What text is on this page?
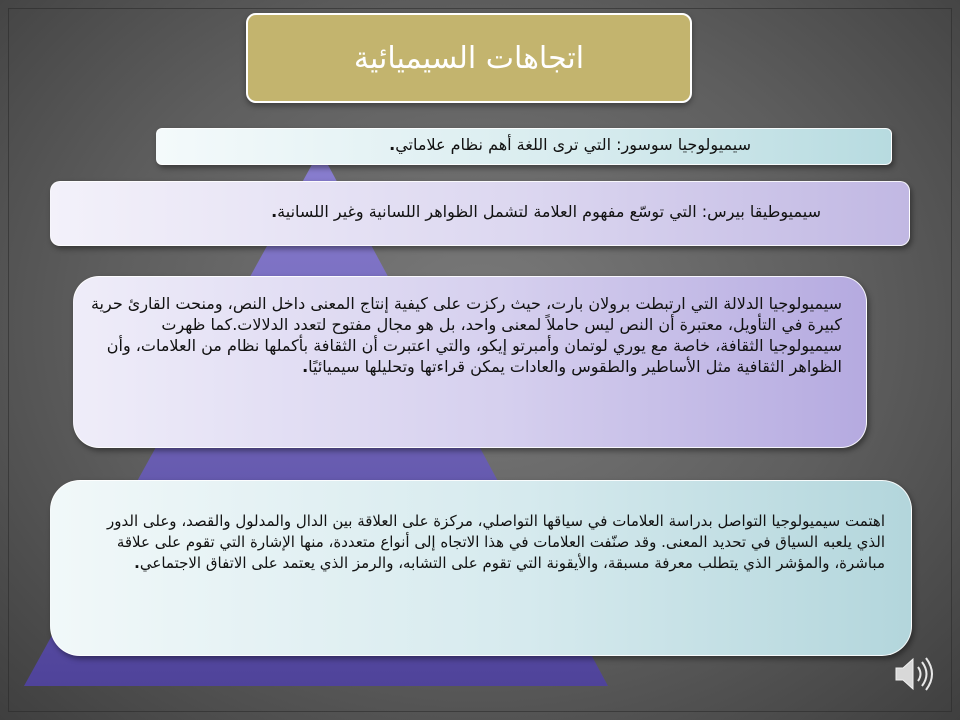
اتجاهات السيميائية
سيميولوجيا سوسور: التي ترى اللغة أهم نظام علاماتي.
سيميوطيقا بيرس: التي توسّع مفهوم العلامة لتشمل الظواهر اللسانية وغير اللسانية.
سيميولوجيا الدلالة التي ارتبطت برولان بارت، حيث ركزت على كيفية إنتاج المعنى داخل النص، ومنحت القارئ حرية كبيرة في التأويل، معتبرة أن النص ليس حاملاً لمعنى واحد، بل هو مجال مفتوح لتعدد الدلالات.كما ظهرت سيميولوجيا الثقافة، خاصة مع يوري لوتمان وأمبرتو إيكو، والتي اعتبرت أن الثقافة بأكملها نظام من العلامات، وأن الظواهر الثقافية مثل الأساطير والطقوس والعادات يمكن قراءتها وتحليلها سيميائيًا.
اهتمت سيميولوجيا التواصل بدراسة العلامات في سياقها التواصلي، مركزة على العلاقة بين الدال والمدلول والقصد، وعلى الدور الذي يلعبه السياق في تحديد المعنى. وقد صنّفت العلامات في هذا الاتجاه إلى أنواع متعددة، منها الإشارة التي تقوم على علاقة مباشرة، والمؤشر الذي يتطلب معرفة مسبقة، والأيقونة التي تقوم على التشابه، والرمز الذي يعتمد على الاتفاق الاجتماعي.
